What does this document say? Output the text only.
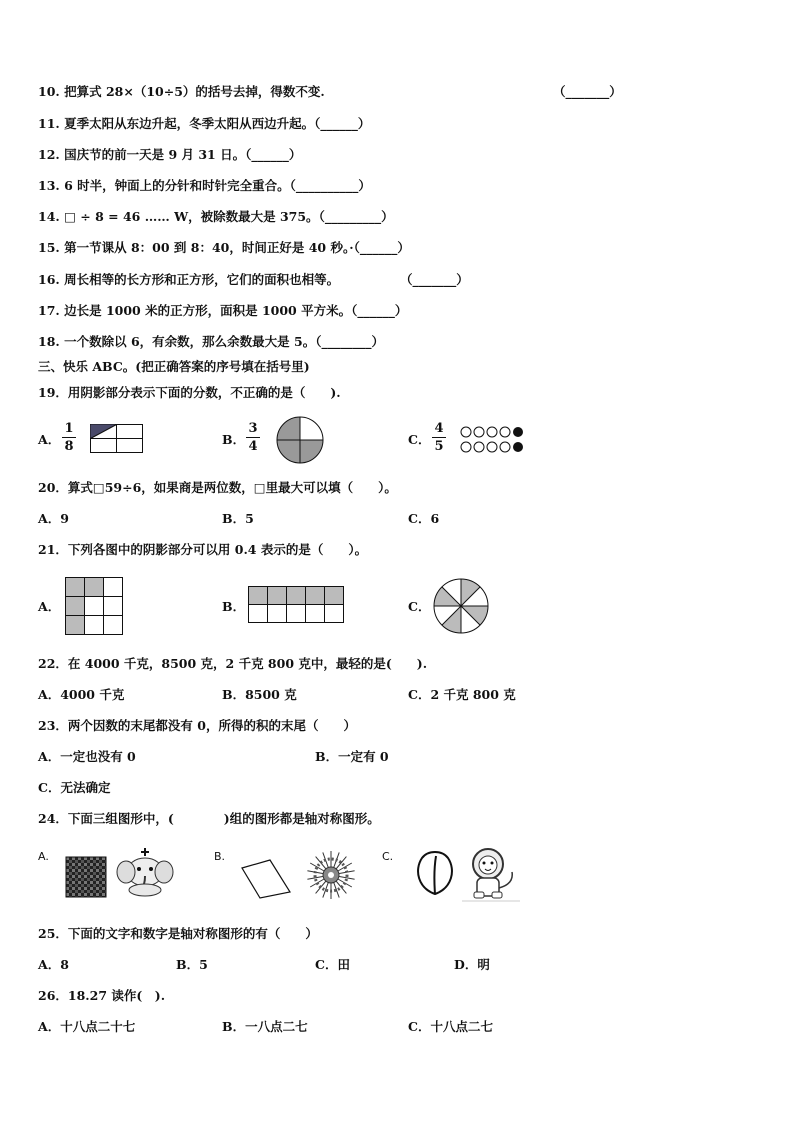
10. 把算式 28×（10÷5）的括号去掉，得数不变.	（_______）
11. 夏季太阳从东边升起，冬季太阳从西边升起。（______）
12. 国庆节的前一天是 9 月 31 日。（______）
13. 6 时半，钟面上的分针和时针完全重合。（__________）
14. □ ÷ 8 = 46 …… W，被除数最大是 375。（_________）
15. 第一节课从 8：00 到 8：40，时间正好是 40 秒。·（______）
16. 周长相等的长方形和正方形，它们的面积也相等。	（_______）
17. 边长是 1000 米的正方形，面积是 1000 平方米。（______）
18. 一个数除以 6，有余数，那么余数最大是 5。（________）
三、快乐 ABC。(把正确答案的序号填在括号里)
19．用阴影部分表示下面的分数，不正确的是（　　).
A．
1
8	B．
3
4	C．
4
5
20．算式□59÷6，如果商是两位数，□里最大可以填（　　）。
A．9	B．5	C．6
21．下列各图中的阴影部分可以用 0.4 表示的是（　　）。
A．	B．	C．
22．在 4000 千克，8500 克，2 千克 800 克中，最轻的是(　　).
A．4000 千克	B．8500 克	C．2 千克 800 克
23．两个因数的末尾都没有 0，所得的积的末尾（　　）
A．一定也没有 0	B．一定有 0
C．无法确定
24．下面三组图形中，(　　　　)组的图形都是轴对称图形。
A.	B.	C.
25．下面的文字和数字是轴对称图形的有（　　）
A．8	B．5	C．田	D．明
26．18.27 读作(　).
A．十八点二十七	B．一八点二七	C．十八点二七
